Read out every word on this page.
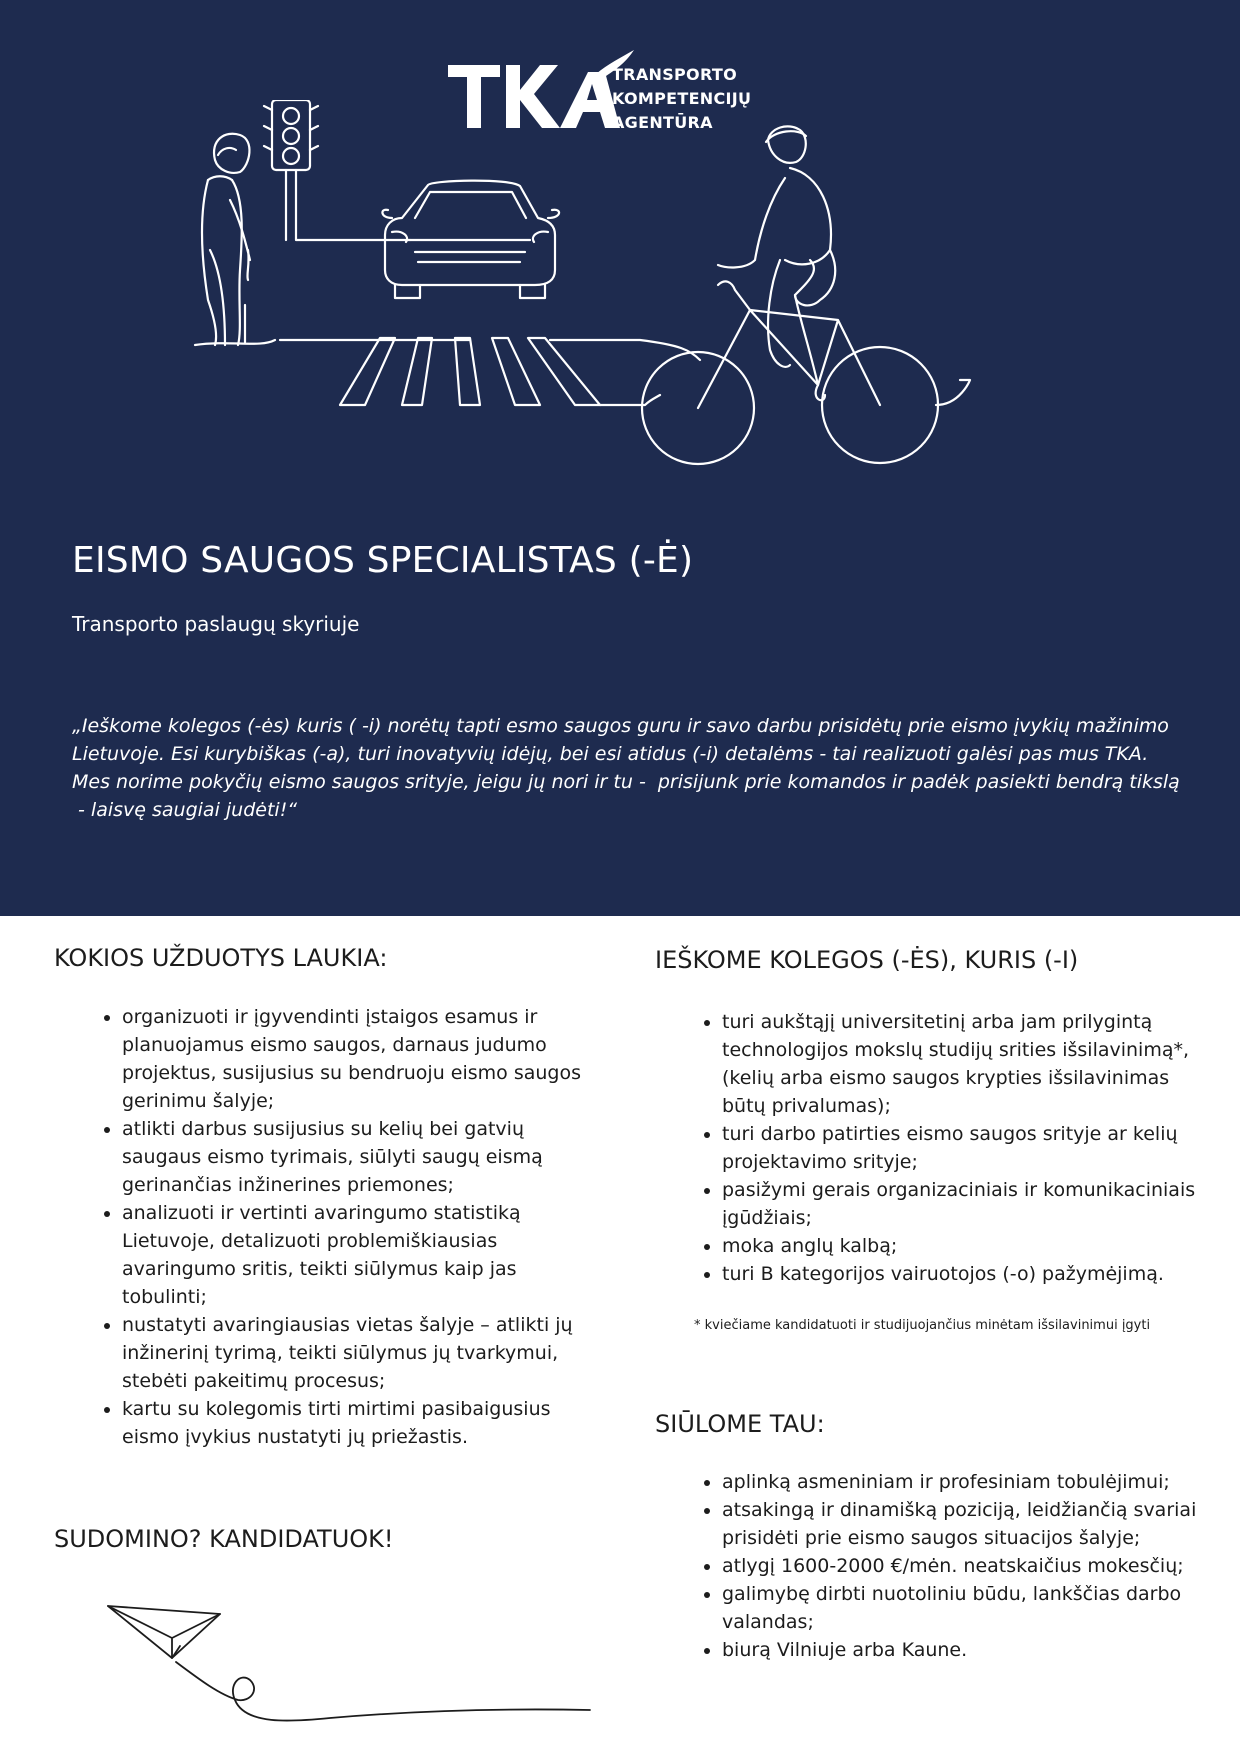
TRANSPORTO
KOMPETENCIJŲ
AGENTŪRA
EISMO SAUGOS SPECIALISTAS (-Ė)
Transporto paslaugų skyriuje

„Ieškome kolegos (-ės) kuris ( -i) norėtų tapti esmo saugos guru ir savo darbu prisidėtų prie eismo įvykių mažinimo
Lietuvoje. Esi kurybiškas (-a), turi inovatyvių idėjų, bei esi atidus (-i) detalėms - tai realizuoti galėsi pas mus TKA.
Mes norime pokyčių eismo saugos srityje, jeigu jų nori ir tu -  prisijunk prie komandos ir padėk pasiekti bendrą tikslą
- laisvę saugiai judėti!“

KOKIOS UŽDUOTYS LAUKIA:
• organizuoti ir įgyvendinti įstaigos esamus ir planuojamus eismo saugos, darnaus judumo projektus, susijusius su bendruoju eismo saugos gerinimu šalyje;
• atlikti darbus susijusius su kelių bei gatvių saugaus eismo tyrimais, siūlyti saugų eismą gerinančias inžinerines priemones;
• analizuoti ir vertinti avaringumo statistiką Lietuvoje, detalizuoti problemiškiausias avaringumo sritis, teikti siūlymus kaip jas tobulinti;
• nustatyti avaringiausias vietas šalyje – atlikti jų inžinerinį tyrimą, teikti siūlymus jų tvarkymui, stebėti pakeitimų procesus;
• kartu su kolegomis tirti mirtimi pasibaigusius eismo įvykius nustatyti jų priežastis.
IEŠKOME KOLEGOS (-ĖS), KURIS (-I)
• turi aukštąjį universitetinį arba jam prilygintą technologijos mokslų studijų srities išsilavinimą*, (kelių arba eismo saugos krypties išsilavinimas būtų privalumas);
• turi darbo patirties eismo saugos srityje ar kelių projektavimo srityje;
• pasižymi gerais organizaciniais ir komunikaciniais įgūdžiais;
• moka anglų kalbą;
• turi B kategorijos vairuotojos (-o) pažymėjimą.
* kviečiame kandidatuoti ir studijuojančius minėtam išsilavinimui įgyti
SIŪLOME TAU:
• aplinką asmeniniam ir profesiniam tobulėjimui;
• atsakingą ir dinamišką poziciją, leidžiančią svariai prisidėti prie eismo saugos situacijos šalyje;
• atlygį 1600-2000 €/mėn. neatskaičius mokesčių;
• galimybę dirbti nuotoliniu būdu, lankščias darbo valandas;
• biurą Vilniuje arba Kaune.
SUDOMINO? KANDIDATUOK!
